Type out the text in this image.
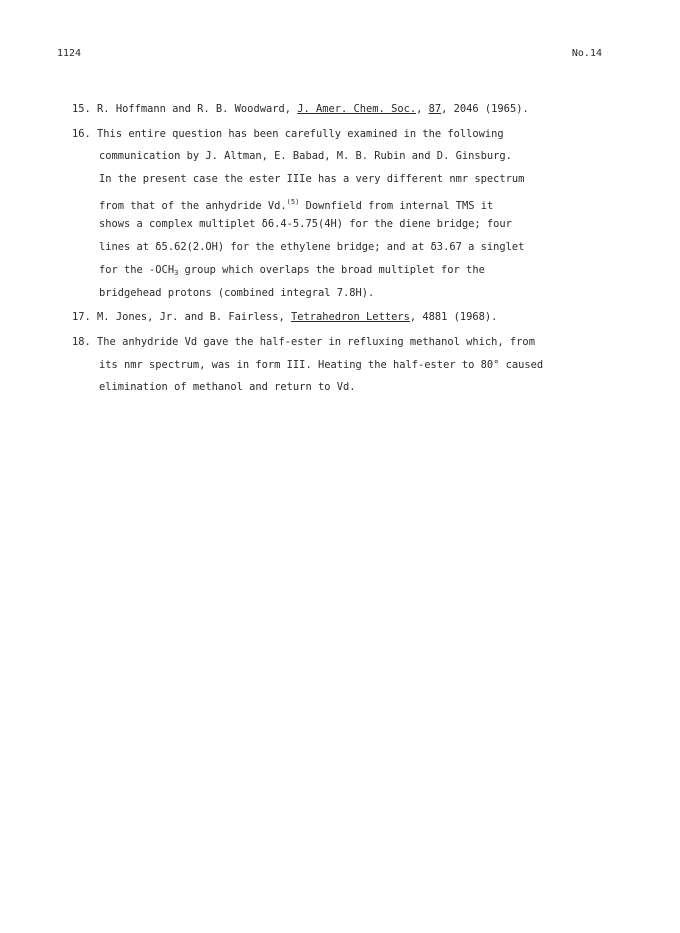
1124	No.14
15. R. Hoffmann and R. B. Woodward, J. Amer. Chem. Soc., 87, 2046 (1965).
16. This entire question has been carefully examined in the following
communication by J. Altman, E. Babad, M. B. Rubin and D. Ginsburg.
In the present case the ester IIIe has a very different nmr spectrum
from that of the anhydride Vd.$^{(5)}$ Downfield from internal TMS it
shows a complex multiplet δ6.4-5.75(4H) for the diene bridge; four
lines at δ5.62(2.OH) for the ethylene bridge; and at δ3.67 a singlet
for the $-OCH_3$ group which overlaps the broad multiplet for the
bridgehead protons (combined integral 7.8H).
17. M. Jones, Jr. and B. Fairless, Tetrahedron Letters, 4881 (1968).
18. The anhydride Vd gave the half-ester in refluxing methanol which, from
its nmr spectrum, was in form III. Heating the half-ester to 80° caused
elimination of methanol and return to Vd.
